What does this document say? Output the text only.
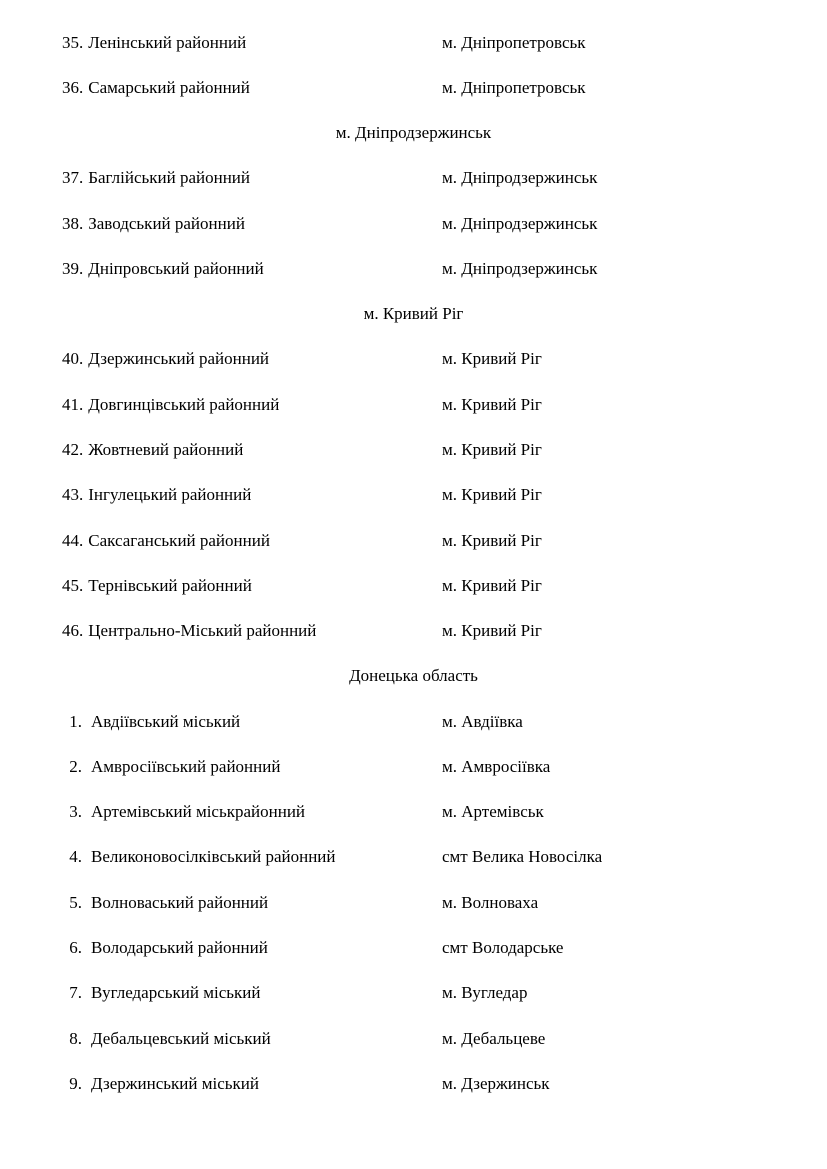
35. Ленінський районний	м. Дніпропетровськ
36. Самарський районний	м. Дніпропетровськ
м. Дніпродзержинськ
37. Баглійський районний	м. Дніпродзержинськ
38. Заводський районний	м. Дніпродзержинськ
39. Дніпровський районний	м. Дніпродзержинськ
м. Кривий Ріг
40. Дзержинський районний	м. Кривий Ріг
41. Довгинцівський районний	м. Кривий Ріг
42. Жовтневий районний	м. Кривий Ріг
43. Інгулецький районний	м. Кривий Ріг
44. Саксаганський районний	м. Кривий Ріг
45. Тернівський районний	м. Кривий Ріг
46. Центрально-Міський районний	м. Кривий Ріг
Донецька область
1. Авдіївський міський	м. Авдіївка
2. Амвросіївський районний	м. Амвросіївка
3. Артемівський міськрайонний	м. Артемівськ
4. Великоновосілківський районний	смт Велика Новосілка
5. Волноваський районний	м. Волноваха
6. Володарський районний	смт Володарське
7. Вугледарський міський	м. Вугледар
8. Дебальцевський міський	м. Дебальцеве
9. Дзержинський міський	м. Дзержинськ
